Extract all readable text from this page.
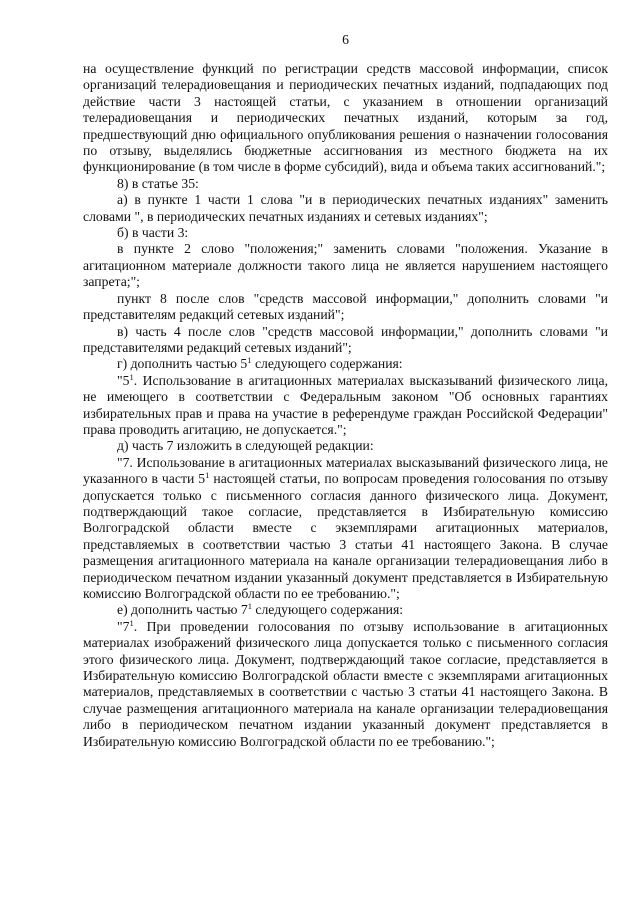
6

на осуществление функций по регистрации средств массовой информации, список организаций телерадиовещания и периодических печатных изданий, подпадающих под действие части 3 настоящей статьи, с указанием в отношении организаций телерадиовещания и периодических печатных изданий, которым за год, предшествующий дню официального опубликования решения о назначении голосования по отзыву, выделялись бюджетные ассигнования из местного бюджета на их функционирование (в том числе в форме субсидий), вида и объема таких ассигнований.";

8) в статье 35:

а) в пункте 1 части 1 слова "и в периодических печатных изданиях" заменить словами ", в периодических печатных изданиях и сетевых изданиях";

б) в части 3:

в пункте 2 слово "положения;" заменить словами "положения. Указание в агитационном материале должности такого лица не является нарушением настоящего запрета;";

пункт 8 после слов "средств массовой информации," дополнить словами "и представителям редакций сетевых изданий";

в) часть 4 после слов "средств массовой информации," дополнить словами "и представителями редакций сетевых изданий";

г) дополнить частью $5^1$ следующего содержания:

"$5^1$. Использование в агитационных материалах высказываний физического лица, не имеющего в соответствии с Федеральным законом "Об основных гарантиях избирательных прав и права на участие в референдуме граждан Российской Федерации" права проводить агитацию, не допускается.";

д) часть 7 изложить в следующей редакции:

"7. Использование в агитационных материалах высказываний физического лица, не указанного в части $5^1$ настоящей статьи, по вопросам проведения голосования по отзыву допускается только с письменного согласия данного физического лица. Документ, подтверждающий такое согласие, представляется в Избирательную комиссию Волгоградской области вместе с экземплярами агитационных материалов, представляемых в соответствии частью 3 статьи 41 настоящего Закона. В случае размещения агитационного материала на канале организации телерадиовещания либо в периодическом печатном издании указанный документ представляется в Избирательную комиссию Волгоградской области по ее требованию.";

е) дополнить частью $7^1$ следующего содержания:

"$7^1$. При проведении голосования по отзыву использование в агитационных материалах изображений физического лица допускается только с письменного согласия этого физического лица. Документ, подтверждающий такое согласие, представляется в Избирательную комиссию Волгоградской области вместе с экземплярами агитационных материалов, представляемых в соответствии с частью 3 статьи 41 настоящего Закона. В случае размещения агитационного материала на канале организации телерадиовещания либо в периодическом печатном издании указанный документ представляется в Избирательную комиссию Волгоградской области по ее требованию.";
